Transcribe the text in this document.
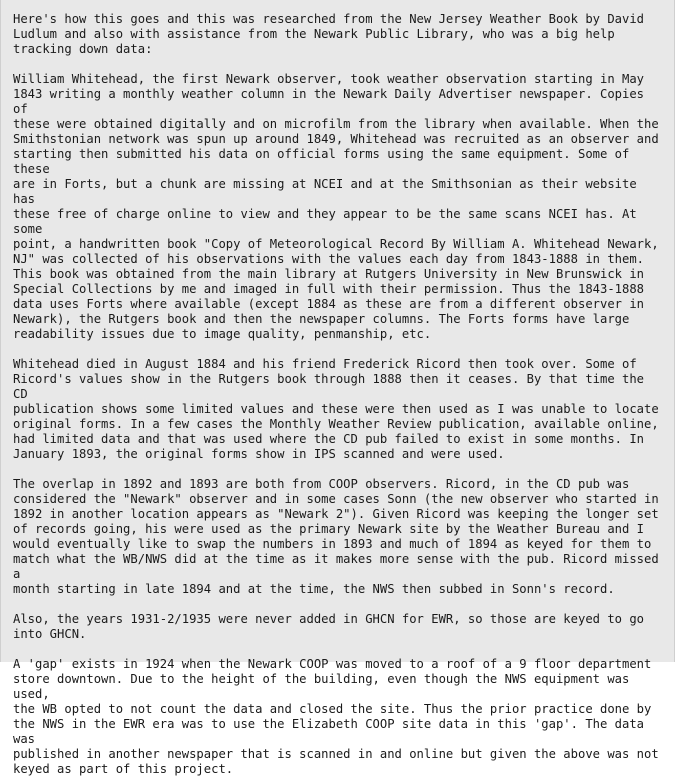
Here's how this goes and this was researched from the New Jersey Weather Book by David
Ludlum and also with assistance from the Newark Public Library, who was a big help
tracking down data:

William Whitehead, the first Newark observer, took weather observation starting in May
1843 writing a monthly weather column in the Newark Daily Advertiser newspaper. Copies of
these were obtained digitally and on microfilm from the library when available. When the
Smithstonian network was spun up around 1849, Whitehead was recruited as an observer and
starting then submitted his data on official forms using the same equipment. Some of these
are in Forts, but a chunk are missing at NCEI and at the Smithsonian as their website has
these free of charge online to view and they appear to be the same scans NCEI has. At some
point, a handwritten book "Copy of Meteorological Record By William A. Whitehead Newark,
NJ" was collected of his observations with the values each day from 1843-1888 in them.
This book was obtained from the main library at Rutgers University in New Brunswick in
Special Collections by me and imaged in full with their permission. Thus the 1843-1888
data uses Forts where available (except 1884 as these are from a different observer in
Newark), the Rutgers book and then the newspaper columns. The Forts forms have large
readability issues due to image quality, penmanship, etc.

Whitehead died in August 1884 and his friend Frederick Ricord then took over. Some of
Ricord's values show in the Rutgers book through 1888 then it ceases. By that time the CD
publication shows some limited values and these were then used as I was unable to locate
original forms. In a few cases the Monthly Weather Review publication, available online,
had limited data and that was used where the CD pub failed to exist in some months. In
January 1893, the original forms show in IPS scanned and were used.

The overlap in 1892 and 1893 are both from COOP observers. Ricord, in the CD pub was
considered the "Newark" observer and in some cases Sonn (the new observer who started in
1892 in another location appears as "Newark 2"). Given Ricord was keeping the longer set
of records going, his were used as the primary Newark site by the Weather Bureau and I
would eventually like to swap the numbers in 1893 and much of 1894 as keyed for them to
match what the WB/NWS did at the time as it makes more sense with the pub. Ricord missed a
month starting in late 1894 and at the time, the NWS then subbed in Sonn's record.

Also, the years 1931-2/1935 were never added in GHCN for EWR, so those are keyed to go
into GHCN.

A 'gap' exists in 1924 when the Newark COOP was moved to a roof of a 9 floor department
store downtown. Due to the height of the building, even though the NWS equipment was used,
the WB opted to not count the data and closed the site. Thus the prior practice done by
the NWS in the EWR era was to use the Elizabeth COOP site data in this 'gap'. The data was
published in another newspaper that is scanned in and online but given the above was not
keyed as part of this project.
